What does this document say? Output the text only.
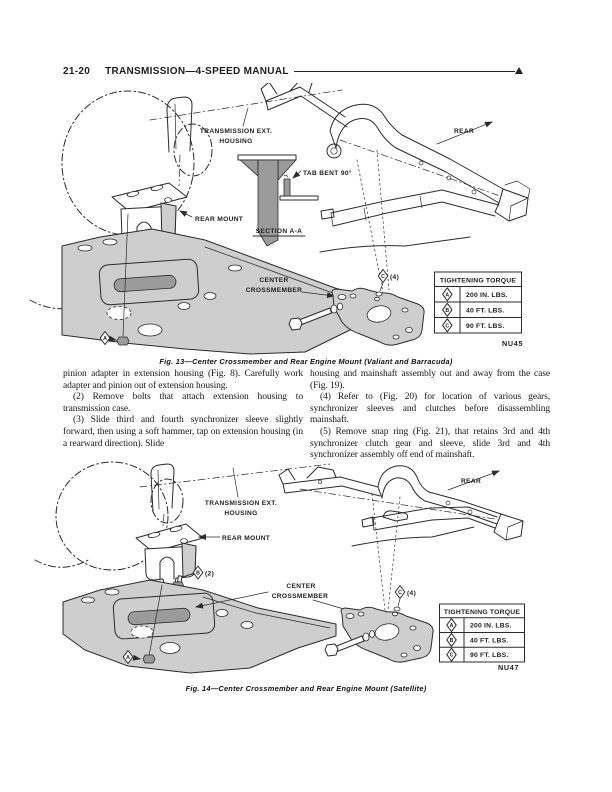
21-20 TRANSMISSION—4-SPEED MANUAL
TRANSMISSION EXT.
HOUSING
REAR
TAB BENT 90°
SECTION A-A
REAR MOUNT
A
CENTER
CROSSMEMBER
C (4)	TIGHTENING TORQUE
A 200 IN. LBS.
B 40 FT. LBS.
C 90 FT. LBS.
NU45
Fig. 13—Center Crossmember and Rear Engine Mount (Valiant and Barracuda)

pinion adapter in extension housing (Fig. 8). Carefully work adapter and pinion out of extension housing.

(2) Remove bolts that attach extension housing to transmission case.

(3) Slide third and fourth synchronizer sleeve slightly forward, then using a soft hammer, tap on extension housing (in a rearward direction). Slide

housing and mainshaft assembly out and away from the case (Fig. 19).

(4) Refer to (Fig. 20) for location of various gears, synchronizer sleeves and clutches before disassembling mainshaft.

(5) Remove snap ring (Fig. 21), that retains 3rd and 4th synchronizer clutch gear and sleeve, slide 3rd and 4th synchronizer assembly off end of mainshaft.

TRANSMISSION EXT.
HOUSING
REAR
REAR MOUNT
B (2)
A
CENTER
CROSSMEMBER	C (4)
TIGHTENING TORQUE
A 200 IN. LBS.
B 40 FT. LBS.
C 90 FT. LBS.
NU47
Fig. 14—Center Crossmember and Rear Engine Mount (Satellite)
